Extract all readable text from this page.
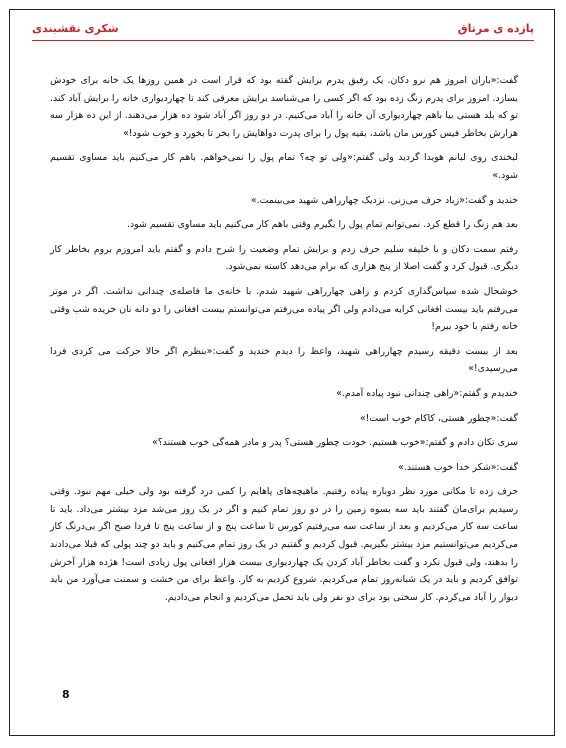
پازده ی مرتاق
شکری نقشبندی

گفت:«باران امروز هم نرو دکان. یک رفیق پدرم برایش گفته بود که قرار است در همین روزها یک خانه برای خودش بسازد. امروز برای پدرم زنگ زده بود که اگر کسی را می‌شناسد برایش معرفی کند تا چهاردیواری خانه را برایش آباد کند. تو که بلد هستی بیا باهم چهاردیواری آن خانه را آباد می‌کنیم. در دو روز اگر آباد شود ده هزار می‌دهند. از این ده هزار سه هزارش بخاطر فیس کورس مان باشد، بقیه پول را برای پدرت دواهایش را بخر تا بخورد و خوب شود!»

لبخندی روی لبانم هویدا گردید ولی گفتم:«ولی تو چه؟ تمام پول را نمی‌خواهم. باهم کار می‌کنیم باید مساوی تقسیم شود.»

خندید و گفت:«زیاد حرف می‌زنی. نزدیک چهارراهی شهید می‌بینمت.»

بعد هم زنگ را قطع کرد. نمی‌توانم تمام پول را بگیرم وقتی باهم کار می‌کنیم باید مساوی تقسیم شود.

رفتم سمت دکان و با خلیفه سلیم حرف زدم و برایش تمام وضعیت را شرح دادم و گفتم باید امروزم بروم بخاطر کار دیگری. قبول کرد و گفت اصلا از پنج هزاری که برام می‌دهد کاسته نمی‌شود.

خوشحال شده سپاس‌گذاری کردم و راهی چهارراهی شهید شدم. با خانه‌ی ما فاصله‌ی چندانی نداشت. اگر در موتر می‌رفتم باید بیست افغانی کرایه می‌دادم ولی اگر پیاده می‌رفتم می‌توانستم بیست افغانی را دو دانه نان خریده شب وقتی خانه رفتم با خود ببرم!

بعد از بیست دقیقه رسیدم چهارراهی شهید، واعظ را دیدم خندید و گفت:«بنظرم اگر حالا حرکت می کردی فردا می‌رسیدی!»

خندیدم و گفتم:«راهی چندانی نبود پیاده آمدم.»

گفت:«چطور هستی، کاکام خوب است!»

سری تکان دادم و گفتم:«خوب هستیم. خودت چطور هستی؟ پدر و مادر همه‌گی خوب هستند؟»

گفت:«شکر خدا خوب هستند.»

حرف زده تا مکانی مورد نظر دوباره پیاده رفتیم. ماهیچه‌های پاهایم را کمی درد گرفته بود ولی خیلی مهم نبود. وقتی رسیدیم برای‌مان گفتند باید سه بسوه زمین را در دو روز تمام کنیم و اگر در یک روز می‌شد مزد بیشتر می‌داد. باید تا ساعت سه کار می‌کردیم و بعد از ساعت سه می‌رفتیم کورس تا ساعت پنج و از ساعت پنج تا فردا صبح اگر بی‌درنگ کار می‌کردیم می‌توانستیم مزد بیشتر بگیریم. قبول کردیم و گفتیم در یک روز تمام می‌کنیم و باید دو چند پولی که قبلا می‌دادند را بدهند، ولی قبول نکرد و گفت بخاطر آباد کردن یک چهاردیواری بیست هزار افغانی پول زیادی است! هژده هزار آخرش توافق کردیم و باید در یک شبانه‌روز تمام می‌کردیم. شروع کردیم به کار. واعظ برای من خشت و سمنت می‌آورد من باید دیوار را آباد می‌کردم. کار سختی بود برای دو نفر ولی باید تحمل می‌کردیم و انجام می‌دادیم.

8
